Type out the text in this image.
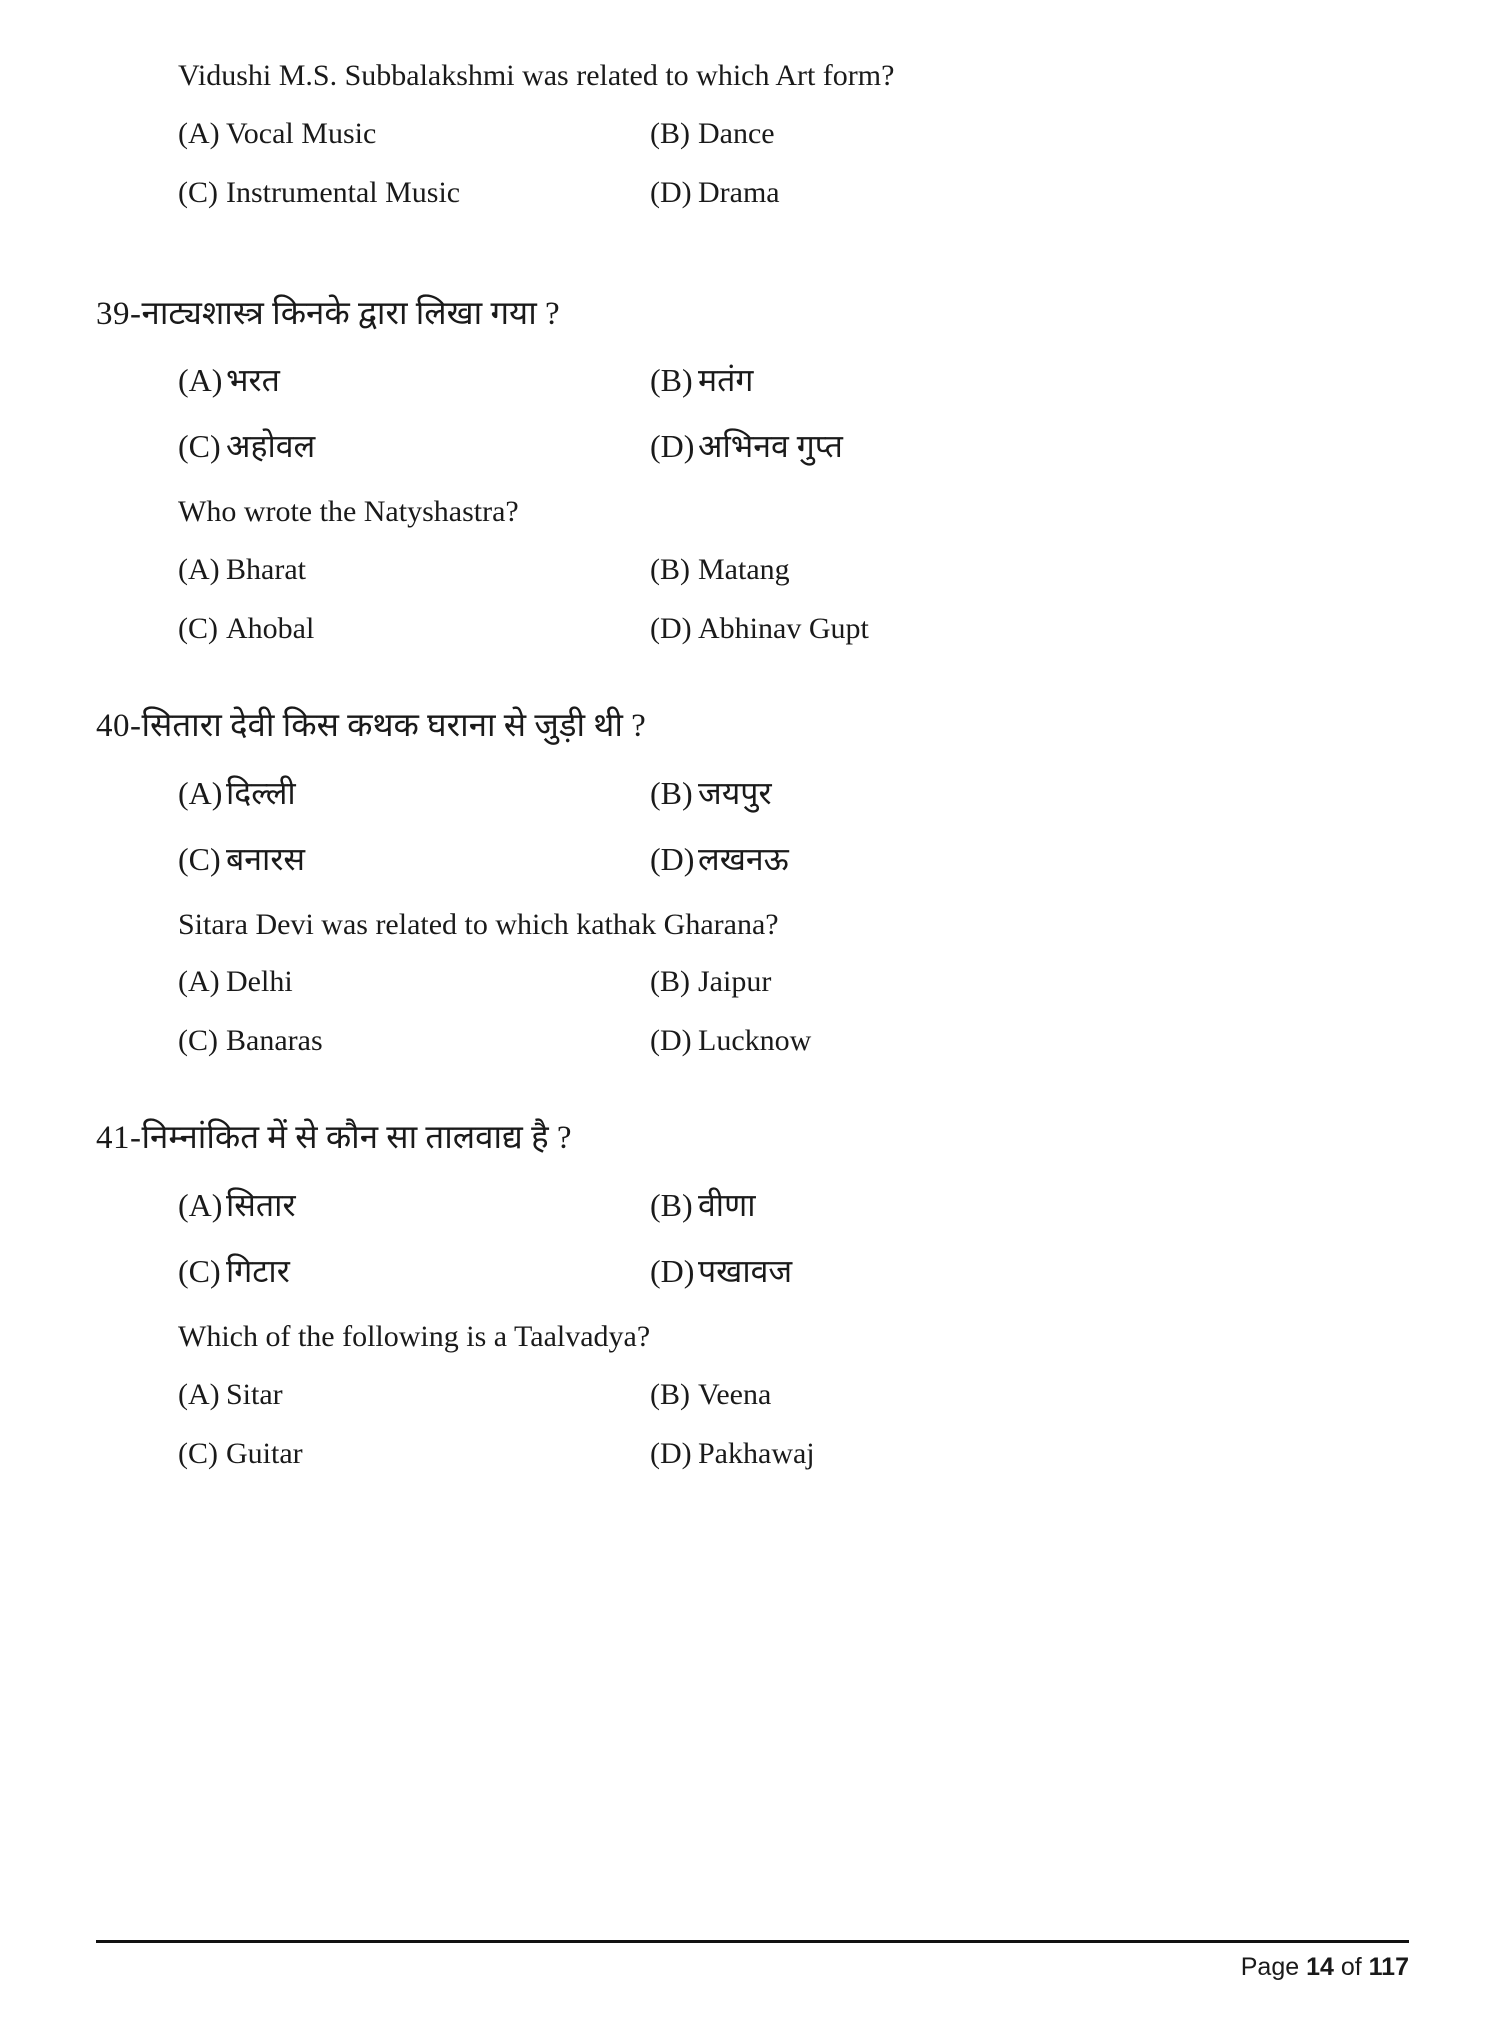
Vidushi M.S. Subbalakshmi was related to which Art form?

(A) Vocal Music	(B) Dance
(C) Instrumental Music	(D) Drama

39-नाट्यशास्त्र किनके द्वारा लिखा गया ?

(A) भरत	(B) मतंग
(C) अहोवल	(D) अभिनव गुप्त

Who wrote the Natyshastra?

(A) Bharat	(B) Matang
(C) Ahobal	(D) Abhinav Gupt

40-सितारा देवी किस कथक घराना से जुड़ी थी ?

(A) दिल्ली	(B) जयपुर
(C) बनारस	(D) लखनऊ

Sitara Devi was related to which kathak Gharana?

(A) Delhi	(B) Jaipur
(C) Banaras	(D) Lucknow

41-निम्नांकित में से कौन सा तालवाद्य है ?

(A) सितार	(B) वीणा
(C) गिटार	(D) पखावज

Which of the following is a Taalvadya?

(A) Sitar	(B) Veena
(C) Guitar	(D) Pakhawaj
Page 14 of 117
